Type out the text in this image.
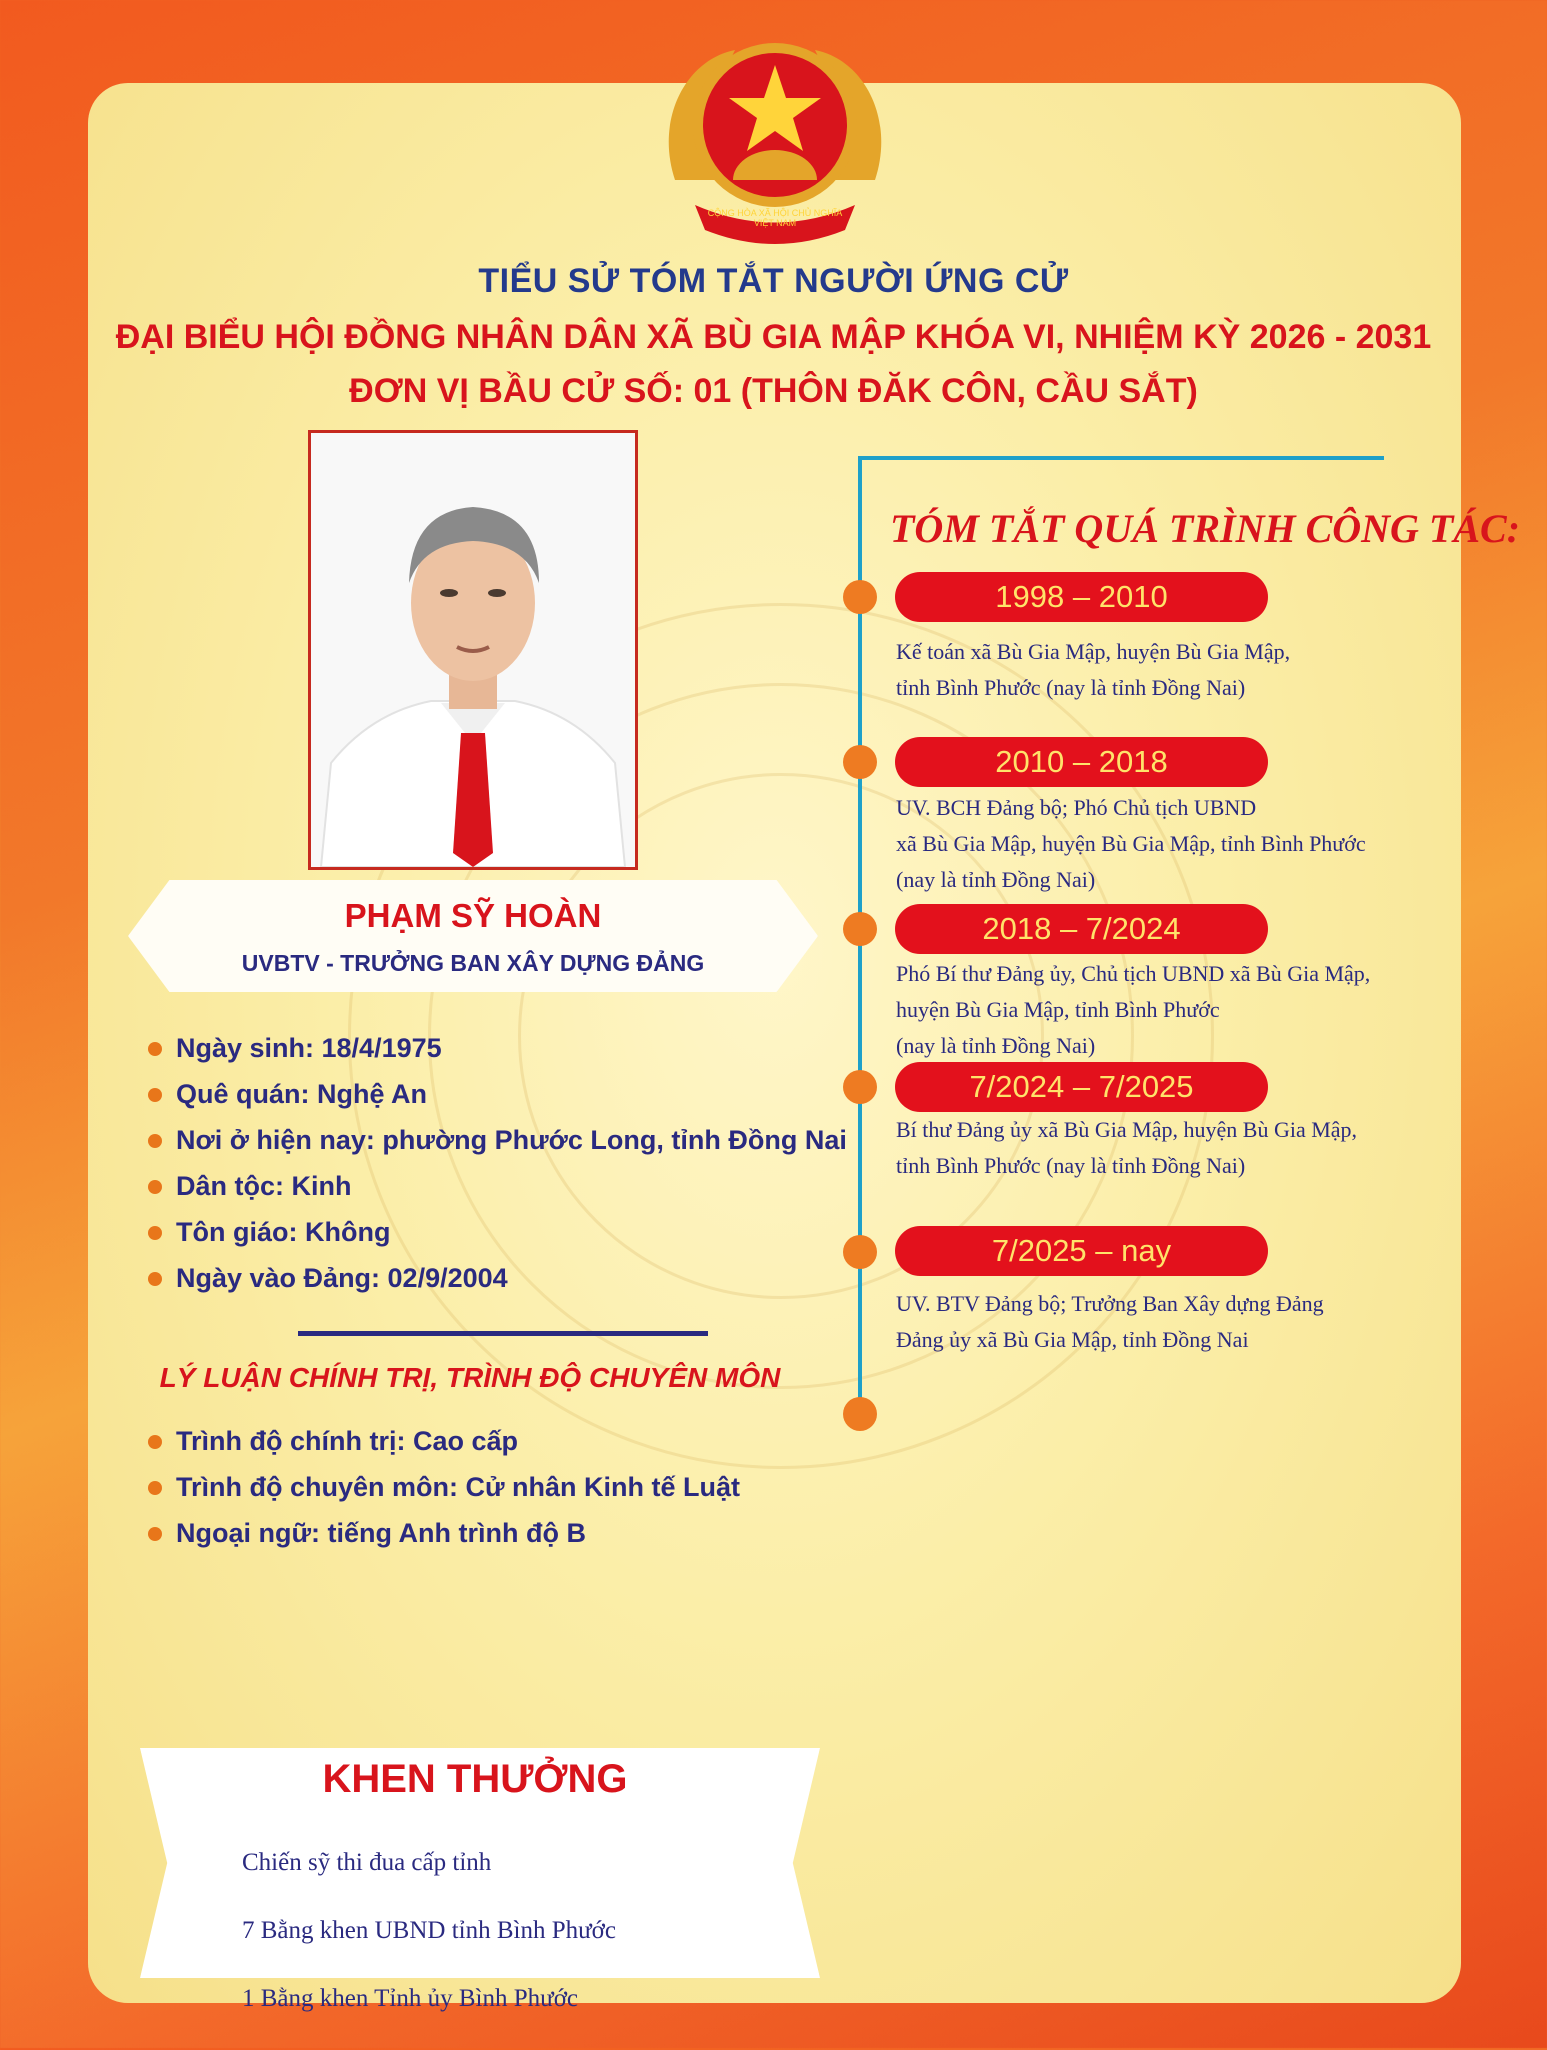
CỘNG HÒA XÃ HỘI CHỦ NGHĨA
VIỆT NAM
TIỂU SỬ TÓM TẮT NGƯỜI ỨNG CỬ
ĐẠI BIỂU HỘI ĐỒNG NHÂN DÂN XÃ BÙ GIA MẬP KHÓA VI, NHIỆM KỲ 2026 - 2031
ĐƠN VỊ BẦU CỬ SỐ: 01 (THÔN ĐĂK CÔN, CẦU SẮT)
PHẠM SỸ HOÀN
UVBTV - TRƯỞNG BAN XÂY DỰNG ĐẢNG
Ngày sinh: 18/4/1975
Quê quán: Nghệ An
Nơi ở hiện nay: phường Phước Long, tỉnh Đồng Nai
Dân tộc: Kinh
Tôn giáo: Không
Ngày vào Đảng: 02/9/2004
LÝ LUẬN CHÍNH TRỊ, TRÌNH ĐỘ CHUYÊN MÔN
Trình độ chính trị: Cao cấp
Trình độ chuyên môn: Cử nhân Kinh tế Luật
Ngoại ngữ: tiếng Anh trình độ B
TÓM TẮT QUÁ TRÌNH CÔNG TÁC:
1998 – 2010
Kế toán xã Bù Gia Mập, huyện Bù Gia Mập,
tỉnh Bình Phước (nay là tỉnh Đồng Nai)
2010 – 2018
UV. BCH Đảng bộ; Phó Chủ tịch UBND
xã Bù Gia Mập, huyện Bù Gia Mập, tỉnh Bình Phước
(nay là tỉnh Đồng Nai)
2018 – 7/2024
Phó Bí thư Đảng ủy, Chủ tịch UBND xã Bù Gia Mập,
huyện Bù Gia Mập, tỉnh Bình Phước
(nay là tỉnh Đồng Nai)
7/2024 – 7/2025
Bí thư Đảng ủy xã Bù Gia Mập, huyện Bù Gia Mập,
tỉnh Bình Phước (nay là tỉnh Đồng Nai)
7/2025 – nay
UV. BTV Đảng bộ; Trưởng Ban Xây dựng Đảng
Đảng ủy xã Bù Gia Mập, tỉnh Đồng Nai
KHEN THƯỞNG

Chiến sỹ thi đua cấp tỉnh

7 Bằng khen UBND tỉnh Bình Phước

1 Bằng khen Tỉnh ủy Bình Phước
